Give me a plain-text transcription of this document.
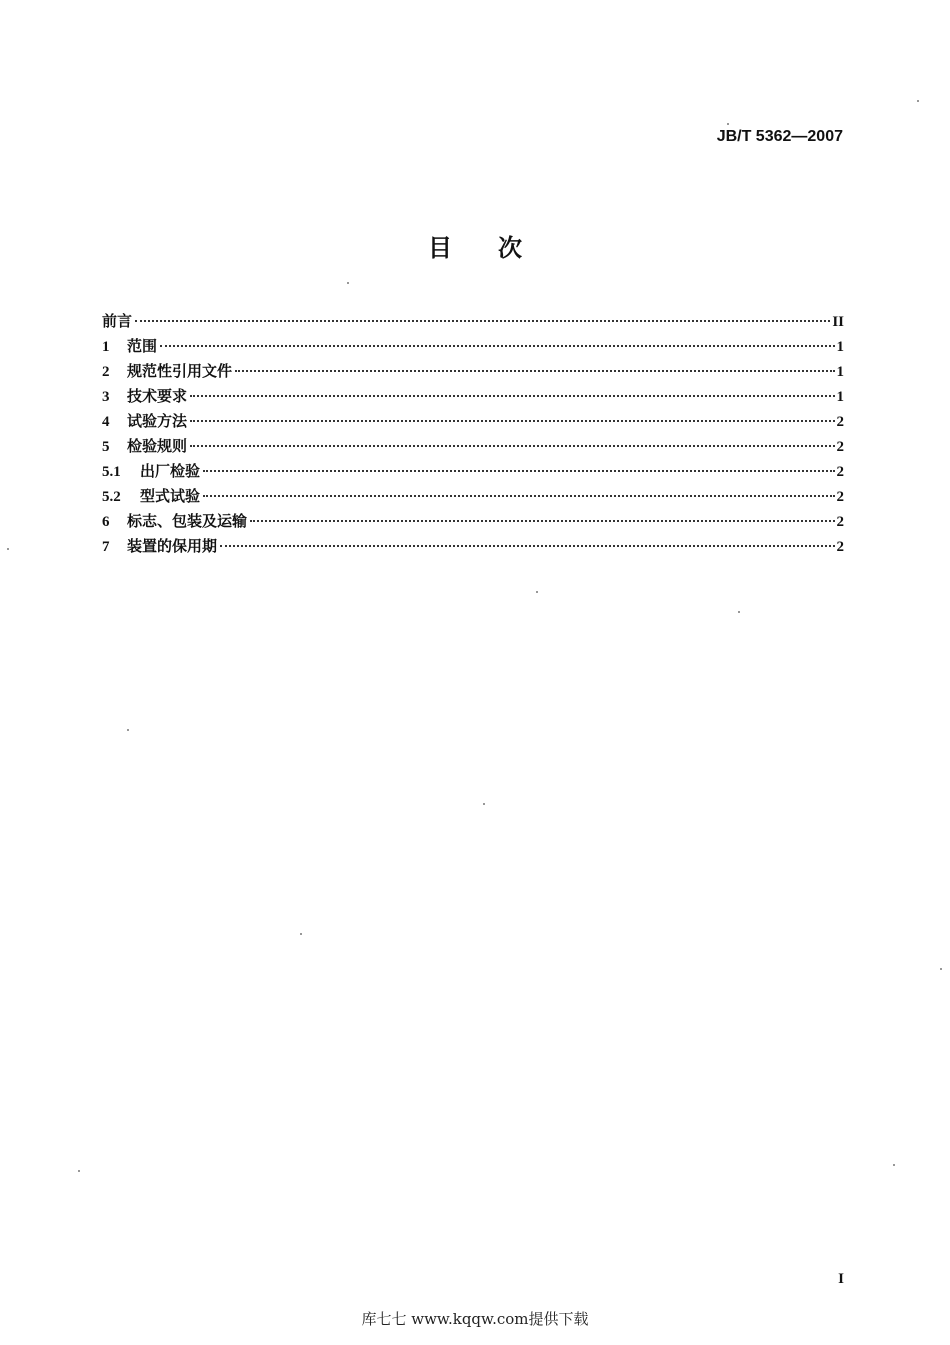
JB/T 5362—2007
目次
前言	II
1	范围	1
2	规范性引用文件	1
3	技术要求	1
4	试验方法	2
5	检验规则	2
5.1	出厂检验	2
5.2	型式试验	2
6	标志、包装及运输	2
7	装置的保用期	2
I
库七七 www.kqqw.com提供下载
